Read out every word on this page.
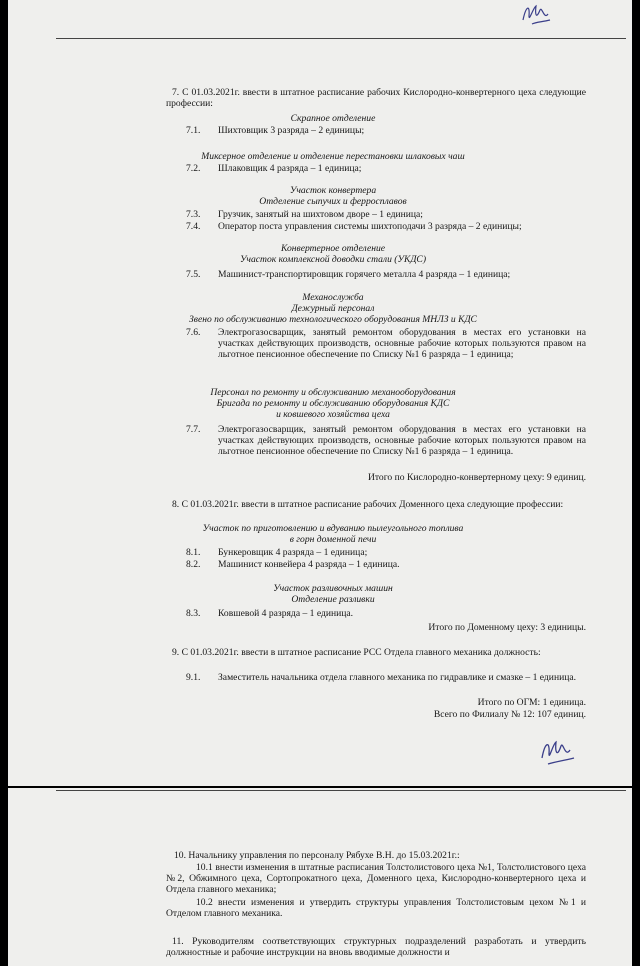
7. С 01.03.2021г. ввести в штатное расписание рабочих Кислородно-конвертерного цеха следующие профессии:
Скрапное отделение
7.1. Шихтовщик 3 разряда – 2 единицы;
Миксерное отделение и отделение перестановки шлаковых чаш
7.2. Шлаковщик 4 разряда – 1 единица;
Участок конвертера
Отделение сыпучих и ферросплавов
7.3. Грузчик, занятый на шихтовом дворе – 1 единица;
7.4. Оператор поста управления системы шихтоподачи 3 разряда – 2 единицы;
Конвертерное отделение
Участок комплексной доводки стали (УКДС)
7.5. Машинист-транспортировщик горячего металла 4 разряда – 1 единица;
Механослужба
Дежурный персонал
Звено по обслуживанию технологического оборудования МНЛЗ и КДС
7.6. Электрогазосварщик, занятый ремонтом оборудования в местах его установки на участках действующих производств, основные рабочие которых пользуются правом на льготное пенсионное обеспечение по Списку №1 6 разряда – 1 единица;
Персонал по ремонту и обслуживанию механооборудования
Бригада по ремонту и обслуживанию оборудования КДС
и ковшевого хозяйства цеха
7.7. Электрогазосварщик, занятый ремонтом оборудования в местах его установки на участках действующих производств, основные рабочие которых пользуются правом на льготное пенсионное обеспечение по Списку №1 6 разряда – 1 единица.
Итого по Кислородно-конвертерному цеху: 9 единиц.
8. С 01.03.2021г. ввести в штатное расписание рабочих Доменного цеха следующие профессии:
Участок по приготовлению и вдуванию пылеугольного топлива
в горн доменной печи
8.1. Бункеровщик 4 разряда – 1 единица;
8.2. Машинист конвейера 4 разряда – 1 единица.
Участок разливочных машин
Отделение разливки
8.3. Ковшевой 4 разряда – 1 единица.
Итого по Доменному цеху: 3 единицы.
9. С 01.03.2021г. ввести в штатное расписание РСС Отдела главного механика должность:
9.1. Заместитель начальника отдела главного механика по гидравлике и смазке – 1 единица.
Итого по ОГМ: 1 единица.
Всего по Филиалу № 12: 107 единиц.
10. Начальнику управления по персоналу Рябухе В.Н. до 15.03.2021г.:
10.1 внести изменения в штатные расписания Толстолистового цеха №1, Толстолистового цеха №2, Обжимного цеха, Сортопрокатного цеха, Доменного цеха, Кислородно-конвертерного цеха и Отдела главного механика;
10.2 внести изменения и утвердить структуры управления Толстолистовым цехом №1 и Отделом главного механика.
11. Руководителям соответствующих структурных подразделений разработать и утвердить должностные и рабочие инструкции на вновь вводимые должности и
